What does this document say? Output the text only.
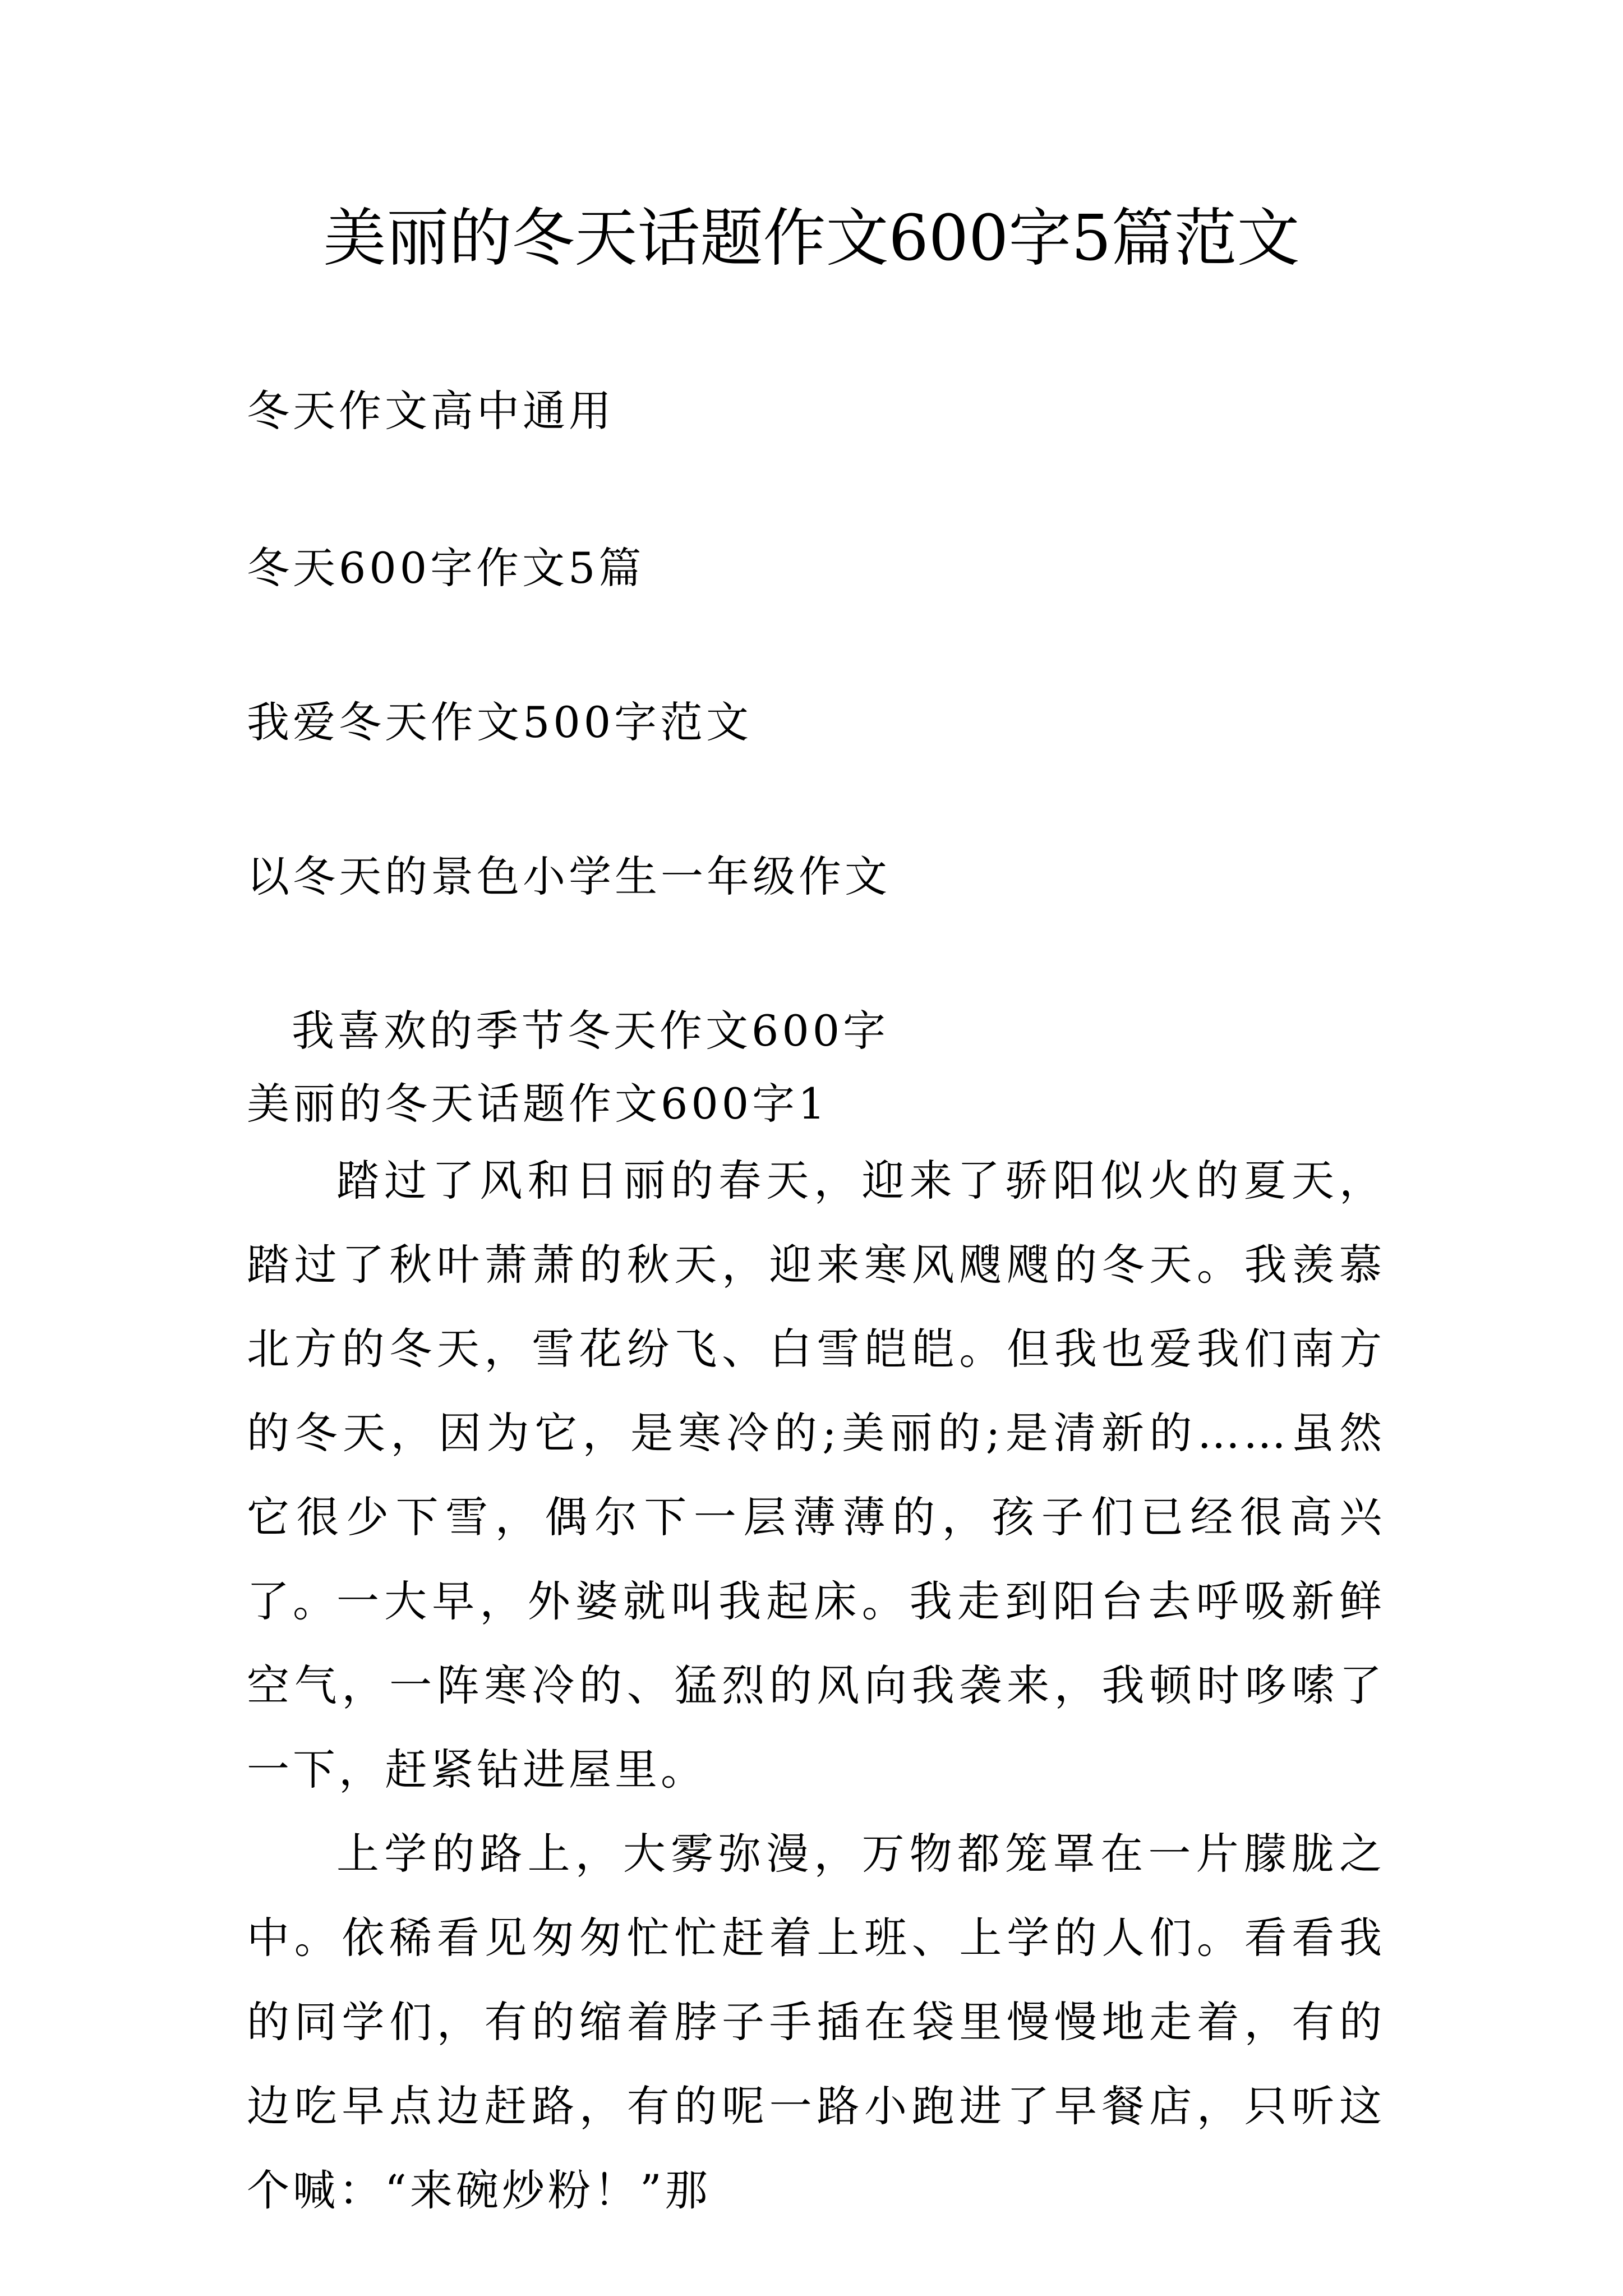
美丽的冬天话题作文600字5篇范文
冬天作文高中通用
冬天600字作文5篇
我爱冬天作文500字范文
以冬天的景色小学生一年级作文
我喜欢的季节冬天作文600字
美丽的冬天话题作文600字1

踏过了风和日丽的春天，迎来了骄阳似火的夏天，踏过了秋叶萧萧的秋天，迎来寒风飕飕的冬天。我羡慕北方的冬天，雪花纷飞、白雪皑皑。但我也爱我们南方的冬天，因为它，是寒冷的;美丽的;是清新的……虽然它很少下雪，偶尔下一层薄薄的，孩子们已经很高兴了。

一大早，外婆就叫我起床。我走到阳台去呼吸新鲜空气，一阵寒冷的、猛烈的风向我袭来，我顿时哆嗦了一下，赶紧钻进屋里。

上学的路上，大雾弥漫，万物都笼罩在一片朦胧之中。依稀看见匆匆忙忙赶着上班、上学的人们。看看我的同学们，有的缩着脖子手插在袋里慢慢地走着，有的边吃早点边赶路，有的呢一路小跑进了早餐店，只听这个喊：“来碗炒粉！”那
